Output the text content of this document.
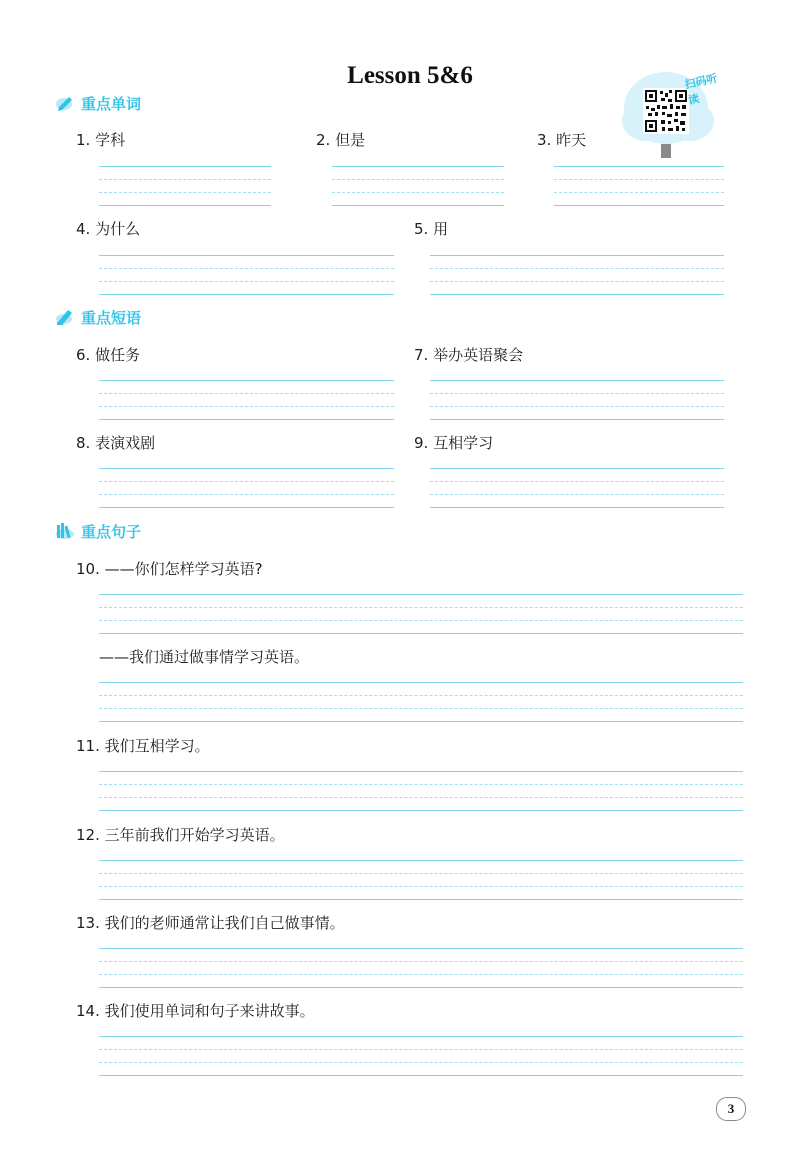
Lesson 5&6	扫码听读
重点单词
1. 学科	2. 但是	3. 昨天
4. 为什么	5. 用
重点短语
6. 做任务	7. 举办英语聚会
8. 表演戏剧	9. 互相学习
重点句子
10. ——你们怎样学习英语?
——我们通过做事情学习英语。
11. 我们互相学习。
12. 三年前我们开始学习英语。
13. 我们的老师通常让我们自己做事情。
14. 我们使用单词和句子来讲故事。
3
